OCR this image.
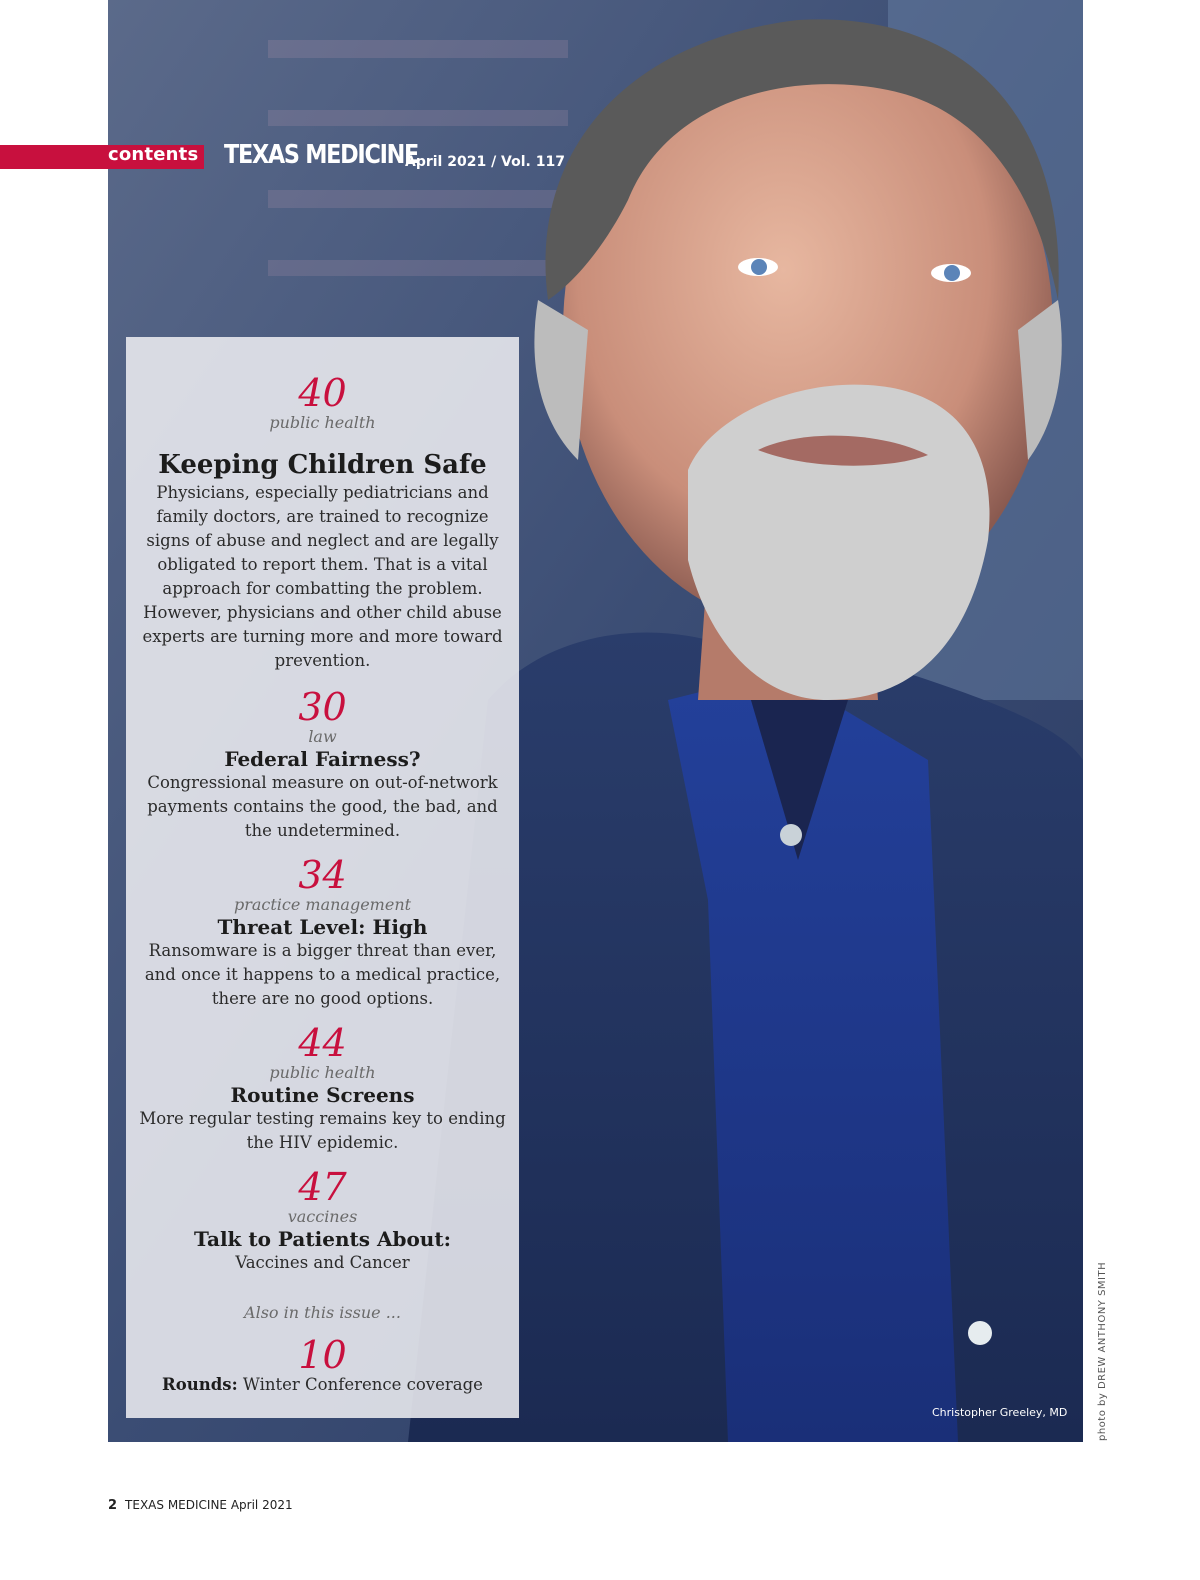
contents TEXAS MEDICINE
April 2021 / Vol. 117
40
public health
Keeping Children Safe
Physicians, especially pediatricians and family doctors, are trained to recognize signs of abuse and neglect and are legally obligated to report them. That is a vital approach for combatting the problem. However, physicians and other child abuse experts are turning more and more toward prevention.
30
law
Federal Fairness?
Congressional measure on out-of-network payments contains the good, the bad, and the undetermined.
34
practice management
Threat Level: High
Ransomware is a bigger threat than ever, and once it happens to a medical practice, there are no good options.
44
public health
Routine Screens
More regular testing remains key to ending the HIV epidemic.
47
vaccines
Talk to Patients About:
Vaccines and Cancer
Also in this issue ...
10
Rounds: Winter Conference coverage
Christopher Greeley, MD	photo by DREW ANTHONY SMITH
2 TEXAS MEDICINE April 2021
